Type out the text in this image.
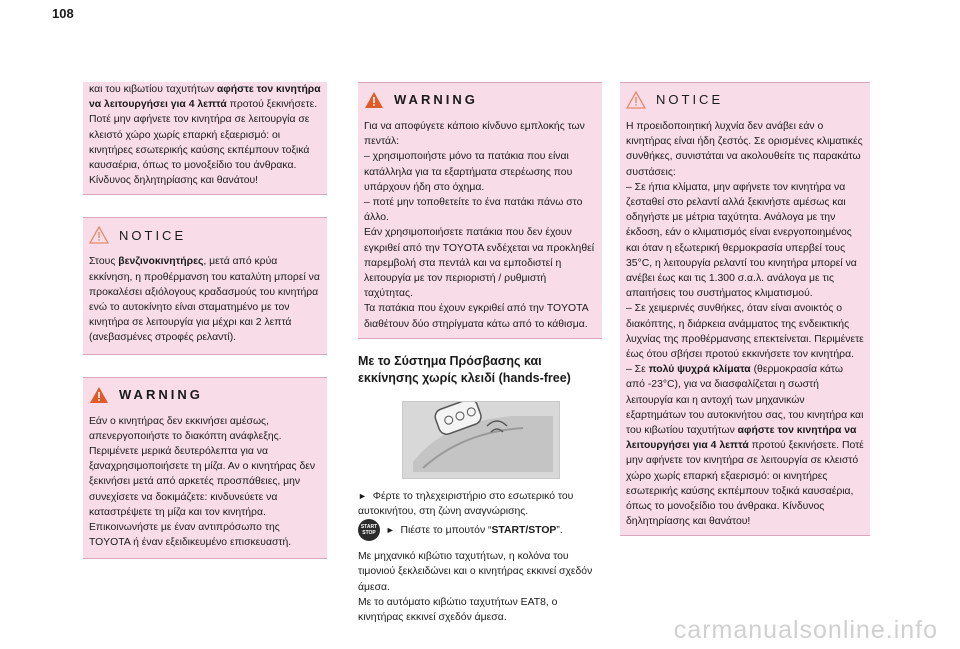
108

και του κιβωτίου ταχυτήτων αφήστε τον κινητήρα να λειτουργήσει για 4 λεπτά προτού ξεκινήσετε. Ποτέ μην αφήνετε τον κινητήρα σε λειτουργία σε κλειστό χώρο χωρίς επαρκή εξαερισμό: οι κινητήρες εσωτερικής καύσης εκπέμπουν τοξικά καυσαέρια, όπως το μονοξείδιο του άνθρακα. Κίνδυνος δηλητηρίασης και θανάτου!

NOTICE

Στους βενζινοκινητήρες, μετά από κρύα εκκίνηση, η προθέρμανση του καταλύτη μπορεί να προκαλέσει αξιόλογους κραδασμούς του κινητήρα ενώ το αυτοκίνητο είναι σταματημένο με τον κινητήρα σε λειτουργία για μέχρι και 2 λεπτά (ανεβασμένες στροφές ρελαντί).

WARNING

Εάν ο κινητήρας δεν εκκινήσει αμέσως, απενεργοποιήστε το διακόπτη ανάφλεξης. Περιμένετε μερικά δευτερόλεπτα για να ξαναχρησιμοποιήσετε τη μίζα. Αν ο κινητήρας δεν ξεκινήσει μετά από αρκετές προσπάθειες, μην συνεχίσετε να δοκιμάζετε: κινδυνεύετε να καταστρέψετε τη μίζα και τον κινητήρα. Επικοινωνήστε με έναν αντιπρόσωπο της TOYOTA ή έναν εξειδικευμένο επισκευαστή.

WARNING

Για να αποφύγετε κάποιο κίνδυνο εμπλοκής των πεντάλ:

– χρησιμοποιήστε μόνο τα πατάκια που είναι κατάλληλα για τα εξαρτήματα στερέωσης που υπάρχουν ήδη στο όχημα.

– ποτέ μην τοποθετείτε το ένα πατάκι πάνω στο άλλο.

Εάν χρησιμοποιήσετε πατάκια που δεν έχουν εγκριθεί από την TOYOTA ενδέχεται να προκληθεί παρεμβολή στα πεντάλ και να εμποδιστεί η λειτουργία με τον περιοριστή / ρυθμιστή ταχύτητας.

Τα πατάκια που έχουν εγκριθεί από την TOYOTA διαθέτουν δύο στηρίγματα κάτω από το κάθισμα.

Με το Σύστημα Πρόσβασης και εκκίνησης χωρίς κλειδί (hands-free)

► Φέρτε το τηλεχειριστήριο στο εσωτερικό του αυτοκινήτου, στη ζώνη αναγνώρισης.

START
STOP ► Πιέστε το μπουτόν “START/STOP”.

Με μηχανικό κιβώτιο ταχυτήτων, η κολόνα του τιμονιού ξεκλειδώνει και ο κινητήρας εκκινεί σχεδόν άμεσα.

Με το αυτόματο κιβώτιο ταχυτήτων EAT8, ο κινητήρας εκκινεί σχεδόν άμεσα.

NOTICE

Η προειδοποιητική λυχνία δεν ανάβει εάν ο κινητήρας είναι ήδη ζεστός. Σε ορισμένες κλιματικές συνθήκες, συνιστάται να ακολουθείτε τις παρακάτω συστάσεις:

– Σε ήπια κλίματα, μην αφήνετε τον κινητήρα να ζεσταθεί στο ρελαντί αλλά ξεκινήστε αμέσως και οδηγήστε με μέτρια ταχύτητα. Ανάλογα με την έκδοση, εάν ο κλιματισμός είναι ενεργοποιημένος και όταν η εξωτερική θερμοκρασία υπερβεί τους 35°C, η λειτουργία ρελαντί του κινητήρα μπορεί να ανέβει έως και τις 1.300 σ.α.λ. ανάλογα με τις απαιτήσεις του συστήματος κλιματισμού.

– Σε χειμερινές συνθήκες, όταν είναι ανοικτός ο διακόπτης, η διάρκεια ανάμματος της ενδεικτικής λυχνίας της προθέρμανσης επεκτείνεται. Περιμένετε έως ότου σβήσει προτού εκκινήσετε τον κινητήρα.

– Σε πολύ ψυχρά κλίματα (θερμοκρασία κάτω από -23°C), για να διασφαλίζεται η σωστή λειτουργία και η αντοχή των μηχανικών εξαρτημάτων του αυτοκινήτου σας, του κινητήρα και του κιβωτίου ταχυτήτων αφήστε τον κινητήρα να λειτουργήσει για 4 λεπτά προτού ξεκινήσετε. Ποτέ μην αφήνετε τον κινητήρα σε λειτουργία σε κλειστό χώρο χωρίς επαρκή εξαερισμό: οι κινητήρες εσωτερικής καύσης εκπέμπουν τοξικά καυσαέρια, όπως το μονοξείδιο του άνθρακα. Κίνδυνος δηλητηρίασης και θανάτου!

carmanualsonline.info
